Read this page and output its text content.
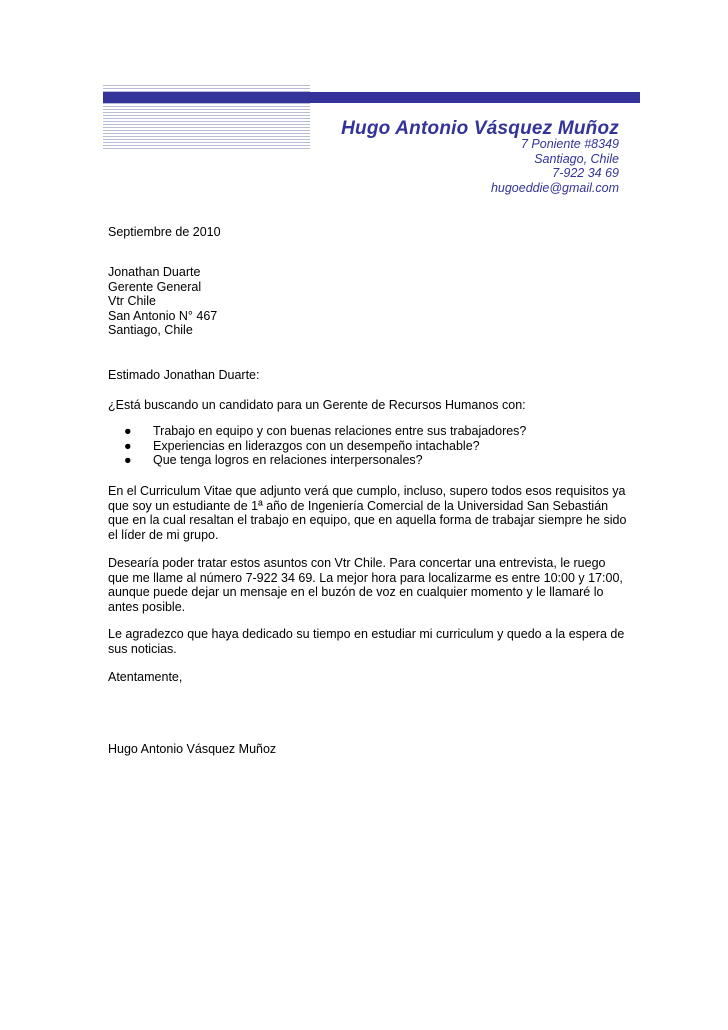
Hugo Antonio Vásquez Muñoz
7 Poniente #8349
Santiago, Chile
7-922 34 69
hugoeddie@gmail.com
Septiembre de 2010
Jonathan Duarte
Gerente General
Vtr Chile
San Antonio N° 467
Santiago, Chile
Estimado Jonathan Duarte:
¿Está buscando un candidato para un Gerente de Recursos Humanos con:
● Trabajo en equipo y con buenas relaciones entre sus trabajadores?
● Experiencias en liderazgos con un desempeño intachable?
● Que tenga logros en relaciones interpersonales?
En el Curriculum Vitae que adjunto verá que cumplo, incluso, supero todos esos requisitos ya
que soy un estudiante de 1ª año de Ingeniería Comercial de la Universidad San Sebastián
que en la cual resaltan el trabajo en equipo, que en aquella forma de trabajar siempre he sido
el líder de mi grupo.
Desearía poder tratar estos asuntos con Vtr Chile. Para concertar una entrevista, le ruego
que me llame al número 7-922 34 69. La mejor hora para localizarme es entre 10:00 y 17:00,
aunque puede dejar un mensaje en el buzón de voz en cualquier momento y le llamaré lo
antes posible.
Le agradezco que haya dedicado su tiempo en estudiar mi curriculum y quedo a la espera de
sus noticias.
Atentamente,
Hugo Antonio Vásquez Muñoz
